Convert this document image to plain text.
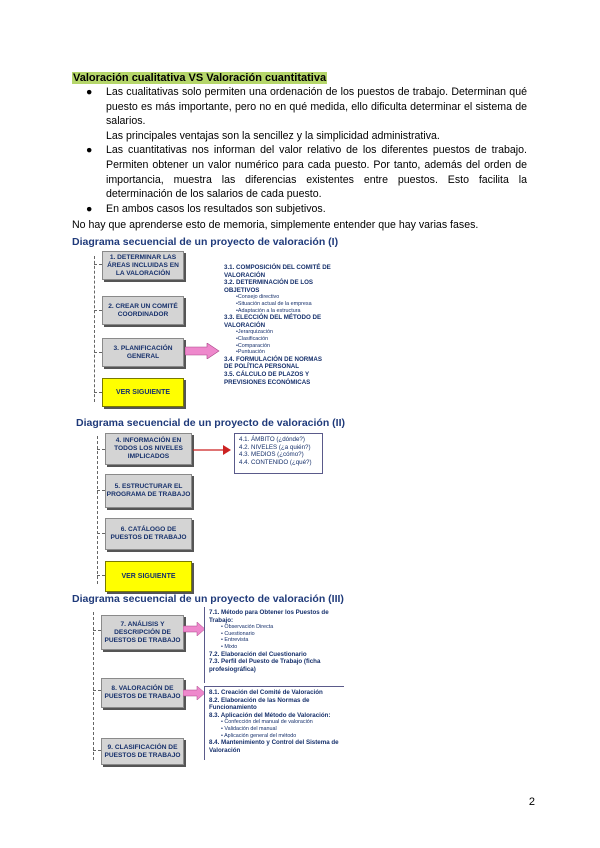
Valoración cualitativa VS Valoración cuantitativa
● Las cualitativas solo permiten una ordenación de los puestos de trabajo. Determinan qué puesto es más importante, pero no en qué medida, ello dificulta determinar el sistema de salarios.
Las principales ventajas son la sencillez y la simplicidad administrativa.
● Las cuantitativas nos informan del valor relativo de los diferentes puestos de trabajo. Permiten obtener un valor numérico para cada puesto. Por tanto, además del orden de importancia, muestra las diferencias existentes entre puestos. Esto facilita la determinación de los salarios de cada puesto.
● En ambos casos los resultados son subjetivos.
No hay que aprenderse esto de memoria, simplemente entender que hay varias fases.
Diagrama secuencial de un proyecto de valoración (I)
1. DETERMINAR LAS ÁREAS INCLUIDAS EN LA VALORACIÓN
2. CREAR UN COMITÉ COORDINADOR
3. PLANIFICACIÓN GENERAL
VER SIGUIENTE
3.1. COMPOSICIÓN DEL COMITÉ DE VALORACIÓN
3.2. DETERMINACIÓN DE LOS OBJETIVOS
•Consejo directivo
•Situación actual de la empresa
•Adaptación a la estructura
3.3. ELECCIÓN DEL MÉTODO DE VALORACIÓN
•Jerarquización
•Clasificación
•Comparación
•Puntuación
3.4. FORMULACIÓN DE NORMAS DE POLÍTICA PERSONAL
3.5. CÁLCULO DE PLAZOS Y PREVISIONES ECONÓMICAS
Diagrama secuencial de un proyecto de valoración (II)
4. INFORMACIÓN EN TODOS LOS NIVELES IMPLICADOS
5. ESTRUCTURAR EL PROGRAMA DE TRABAJO
6. CATÁLOGO DE PUESTOS DE TRABAJO
VER SIGUIENTE
4.1. ÁMBITO (¿dónde?)
4.2. NIVELES (¿a quién?)
4.3. MEDIOS (¿cómo?)
4.4. CONTENIDO (¿qué?)
Diagrama secuencial de un proyecto de valoración (III)
7. ANÁLISIS Y DESCRIPCIÓN DE PUESTOS DE TRABAJO
8. VALORACIÓN DE PUESTOS DE TRABAJO
9. CLASIFICACIÓN DE PUESTOS DE TRABAJO
7.1. Método para Obtener los Puestos de Trabajo:
• Observación Directa
• Cuestionario
• Entrevista
• Mixto
7.2. Elaboración del Cuestionario
7.3. Perfil del Puesto de Trabajo (ficha profesiográfica)
8.1. Creación del Comité de Valoración
8.2. Elaboración de las Normas de Funcionamiento
8.3. Aplicación del Método de Valoración:
• Confección del manual de valoración
• Validación del manual
• Aplicación general del método
8.4. Mantenimiento y Control del Sistema de Valoración
2
